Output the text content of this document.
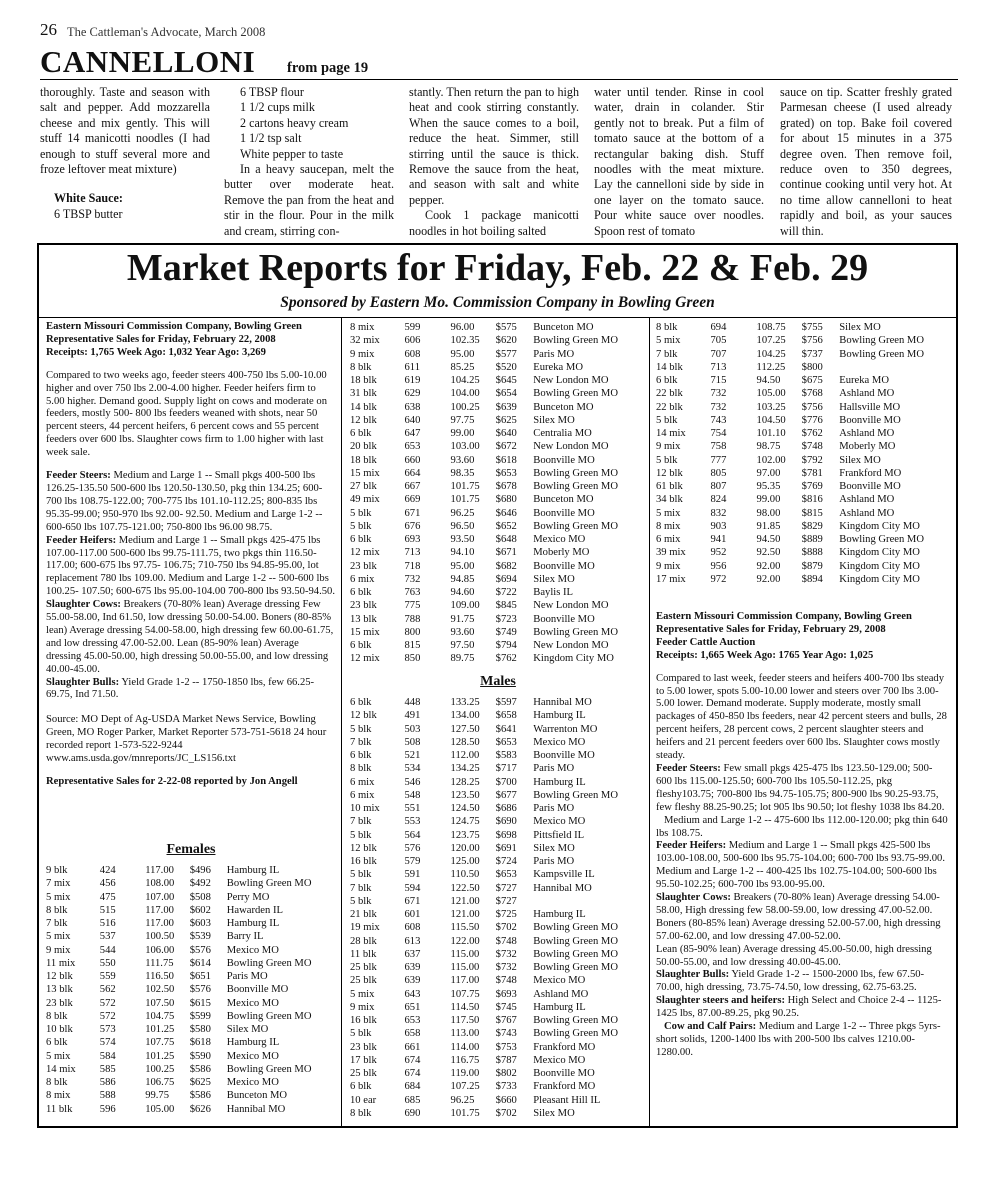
26 The Cattleman's Advocate, March 2008
CANNELLONI from page 19

thoroughly. Taste and season with salt and pepper. Add mozzarella cheese and mix gently. This will stuff 14 manicotti noodles (I had enough to stuff several more and froze leftover meat mixture)

White Sauce:

6 TBSP butter

6 TBSP flour

1 1/2 cups milk

2 cartons heavy cream

1 1/2 tsp salt

White pepper to taste

In a heavy saucepan, melt the butter over moderate heat. Remove the pan from the heat and stir in the flour. Pour in the milk and cream, stirring con-

stantly. Then return the pan to high heat and cook stirring constantly. When the sauce comes to a boil, reduce the heat. Simmer, still stirring until the sauce is thick. Remove the sauce from the heat, and season with salt and white pepper.

Cook 1 package manicotti noodles in hot boiling salted

water until tender. Rinse in cool water, drain in colander. Stir gently not to break. Put a film of tomato sauce at the bottom of a rectangular baking dish. Stuff noodles with the meat mixture. Lay the cannelloni side by side in one layer on the tomato sauce. Pour white sauce over noodles. Spoon rest of tomato

sauce on tip. Scatter freshly grated Parmesan cheese (I used already grated) on top. Bake foil covered for about 15 minutes in a 375 degree oven. Then remove foil, reduce oven to 350 degrees, continue cooking until very hot. At no time allow cannelloni to heat rapidly and boil, as your sauces will thin.

Market Reports for Friday, Feb. 22 & Feb. 29
Sponsored by Eastern Mo. Commission Company in Bowling Green

Eastern Missouri Commission Company, Bowling Green

Representative Sales for Friday, February 22, 2008

Receipts: 1,765 Week Ago: 1,032 Year Ago: 3,269

Compared to two weeks ago, feeder steers 400-750 lbs 5.00-10.00 higher and over 750 lbs 2.00-4.00 higher. Feeder heifers firm to 5.00 higher. Demand good. Supply light on cows and moderate on feeders, mostly 500- 800 lbs feeders weaned with shots, near 50 percent steers, 44 percent heifers, 6 percent cows and 55 percent feeders over 600 lbs. Slaughter cows firm to 1.00 higher with last week sale.

Feeder Steers: Medium and Large 1 -- Small pkgs 400-500 lbs 126.25-135.50 500-600 lbs 120.50-130.50, pkg thin 134.25; 600-700 lbs 108.75-122.00; 700-775 lbs 101.10-112.25; 800-835 lbs 95.35-99.00; 950-970 lbs 92.00- 92.50. Medium and Large 1-2 -- 600-650 lbs 107.75-121.00; 750-800 lbs 96.00 98.75.

Feeder Heifers: Medium and Large 1 -- Small pkgs 425-475 lbs 107.00-117.00 500-600 lbs 99.75-111.75, two pkgs thin 116.50-117.00; 600-675 lbs 97.75- 106.75; 710-750 lbs 94.85-95.00, lot replacement 780 lbs 109.00. Medium and Large 1-2 -- 500-600 lbs 100.25- 107.50; 600-675 lbs 95.00-104.00 700-800 lbs 93.50-94.50.

Slaughter Cows: Breakers (70-80% lean) Average dressing Few 55.00-58.00, Ind 61.50, low dressing 50.00-54.00. Boners (80-85% lean) Average dressing 54.00-58.00, high dressing few 60.00-61.75, and low dressing 47.00-52.00. Lean (85-90% lean) Average dressing 45.00-50.00, high dressing 50.00-55.00, and low dressing 40.00-45.00.

Slaughter Bulls: Yield Grade 1-2 -- 1750-1850 lbs, few 66.25-69.75, Ind 71.50.

Source: MO Dept of Ag-USDA Market News Service, Bowling Green, MO Roger Parker, Market Reporter 573-751-5618 24 hour recorded report 1-573-522-9244 www.ams.usda.gov/mnreports/JC_LS156.txt

Representative Sales for 2-22-08 reported by Jon Angell

Females
9 blk	424	117.00	$496	Hamburg IL
7 mix	456	108.00	$492	Bowling Green MO
5 mix	475	107.00	$508	Perry MO
8 blk	515	117.00	$602	Hawarden IL
7 blk	516	117.00	$603	Hamburg IL
5 mix	537	100.50	$539	Barry IL
9 mix	544	106.00	$576	Mexico MO
11 mix	550	111.75	$614	Bowling Green MO
12 blk	559	116.50	$651	Paris MO
13 blk	562	102.50	$576	Boonville MO
23 blk	572	107.50	$615	Mexico MO
8 blk	572	104.75	$599	Bowling Green MO
10 blk	573	101.25	$580	Silex MO
6 blk	574	107.75	$618	Hamburg IL
5 mix	584	101.25	$590	Mexico MO
14 mix	585	100.25	$586	Bowling Green MO
8 blk	586	106.75	$625	Mexico MO
8 mix	588	99.75	$586	Bunceton MO
11 blk	596	105.00	$626	Hannibal MO
8 mix	599	96.00	$575	Bunceton MO
32 mix	606	102.35	$620	Bowling Green MO
9 mix	608	95.00	$577	Paris MO
8 blk	611	85.25	$520	Eureka MO
18 blk	619	104.25	$645	New London MO
31 blk	629	104.00	$654	Bowling Green MO
14 blk	638	100.25	$639	Bunceton MO
12 blk	640	97.75	$625	Silex MO
6 blk	647	99.00	$640	Centralia MO
20 blk	653	103.00	$672	New London MO
18 blk	660	93.60	$618	Boonville MO
15 mix	664	98.35	$653	Bowling Green MO
27 blk	667	101.75	$678	Bowling Green MO
49 mix	669	101.75	$680	Bunceton MO
5 blk	671	96.25	$646	Boonville MO
5 blk	676	96.50	$652	Bowling Green MO
6 blk	693	93.50	$648	Mexico MO
12 mix	713	94.10	$671	Moberly MO
23 blk	718	95.00	$682	Boonville MO
6 mix	732	94.85	$694	Silex MO
6 blk	763	94.60	$722	Baylis IL
23 blk	775	109.00	$845	New London MO
13 blk	788	91.75	$723	Boonville MO
15 mix	800	93.60	$749	Bowling Green MO
6 blk	815	97.50	$794	New London MO
12 mix	850	89.75	$762	Kingdom City MO
Males
6 blk	448	133.25	$597	Hannibal MO
12 blk	491	134.00	$658	Hamburg IL
5 blk	503	127.50	$641	Warrenton MO
7 blk	508	128.50	$653	Mexico MO
6 blk	521	112.00	$583	Boonville MO
8 blk	534	134.25	$717	Paris MO
6 mix	546	128.25	$700	Hamburg IL
6 mix	548	123.50	$677	Bowling Green MO
10 mix	551	124.50	$686	Paris MO
7 blk	553	124.75	$690	Mexico MO
5 blk	564	123.75	$698	Pittsfield IL
12 blk	576	120.00	$691	Silex MO
16 blk	579	125.00	$724	Paris MO
5 blk	591	110.50	$653	Kampsville IL
7 blk	594	122.50	$727	Hannibal MO
5 blk	671	121.00	$727
21 blk	601	121.00	$725	Hamburg IL
19 mix	608	115.50	$702	Bowling Green MO
28 blk	613	122.00	$748	Bowling Green MO
11 blk	637	115.00	$732	Bowling Green MO
25 blk	639	115.00	$732	Bowling Green MO
25 blk	639	117.00	$748	Mexico MO
5 mix	643	107.75	$693	Ashland MO
9 mix	651	114.50	$745	Hamburg IL
16 blk	653	117.50	$767	Bowling Green MO
5 blk	658	113.00	$743	Bowling Green MO
23 blk	661	114.00	$753	Frankford MO
17 blk	674	116.75	$787	Mexico MO
25 blk	674	119.00	$802	Boonville MO
6 blk	684	107.25	$733	Frankford MO
10 ear	685	96.25	$660	Pleasant Hill IL
8 blk	690	101.75	$702	Silex MO
8 blk	694	108.75	$755	Silex MO
5 mix	705	107.25	$756	Bowling Green MO
7 blk	707	104.25	$737	Bowling Green MO
14 blk	713	112.25	$800
6 blk	715	94.50	$675	Eureka MO
22 blk	732	105.00	$768	Ashland MO
22 blk	732	103.25	$756	Hallsville MO
5 blk	743	104.50	$776	Boonville MO
14 mix	754	101.10	$762	Ashland MO
9 mix	758	98.75	$748	Moberly MO
5 blk	777	102.00	$792	Silex MO
12 blk	805	97.00	$781	Frankford MO
61 blk	807	95.35	$769	Boonville MO
34 blk	824	99.00	$816	Ashland MO
5 mix	832	98.00	$815	Ashland MO
8 mix	903	91.85	$829	Kingdom City MO
6 mix	941	94.50	$889	Bowling Green MO
39 mix	952	92.50	$888	Kingdom City MO
9 mix	956	92.00	$879	Kingdom City MO
17 mix	972	92.00	$894	Kingdom City MO

Eastern Missouri Commission Company, Bowling Green

Representative Sales for Friday, February 29, 2008

Feeder Cattle Auction

Receipts: 1,665 Week Ago: 1765 Year Ago: 1,025

Compared to last week, feeder steers and heifers 400-700 lbs steady to 5.00 lower, spots 5.00-10.00 lower and steers over 700 lbs 3.00-5.00 lower. Demand moderate. Supply moderate, mostly small packages of 450-850 lbs feeders, near 42 percent steers and bulls, 28 percent heifers, 28 percent cows, 2 percent slaughter steers and heifers and 21 percent feeders over 600 lbs. Slaughter cows mostly steady.

Feeder Steers: Few small pkgs 425-475 lbs 123.50-129.00; 500-600 lbs 115.00-125.50; 600-700 lbs 105.50-112.25, pkg fleshy103.75; 700-800 lbs 94.75-105.75; 800-900 lbs 90.25-93.75, few fleshy 88.25-90.25; lot 905 lbs 90.50; lot fleshy 1038 lbs 84.20.

Medium and Large 1-2 -- 475-600 lbs 112.00-120.00; pkg thin 640 lbs 108.75.

Feeder Heifers: Medium and Large 1 -- Small pkgs 425-500 lbs 103.00-108.00, 500-600 lbs 95.75-104.00; 600-700 lbs 93.75-99.00.

Medium and Large 1-2 -- 400-425 lbs 102.75-104.00; 500-600 lbs 95.50-102.25; 600-700 lbs 93.00-95.00.

Slaughter Cows: Breakers (70-80% lean) Average dressing 54.00-58.00, High dressing few 58.00-59.00, low dressing 47.00-52.00.

Boners (80-85% lean) Average dressing 52.00-57.00, high dressing 57.00-62.00, and low dressing 47.00-52.00.

Lean (85-90% lean) Average dressing 45.00-50.00, high dressing 50.00-55.00, and low dressing 40.00-45.00.

Slaughter Bulls: Yield Grade 1-2 -- 1500-2000 lbs, few 67.50-70.00, high dressing, 73.75-74.50, low dressing, 62.75-63.25.

Slaughter steers and heifers: High Select and Choice 2-4 -- 1125-1425 lbs, 87.00-89.25, pkg 90.25.

Cow and Calf Pairs: Medium and Large 1-2 -- Three pkgs 5yrs-short solids, 1200-1400 lbs with 200-500 lbs calves 1210.00-1280.00.
